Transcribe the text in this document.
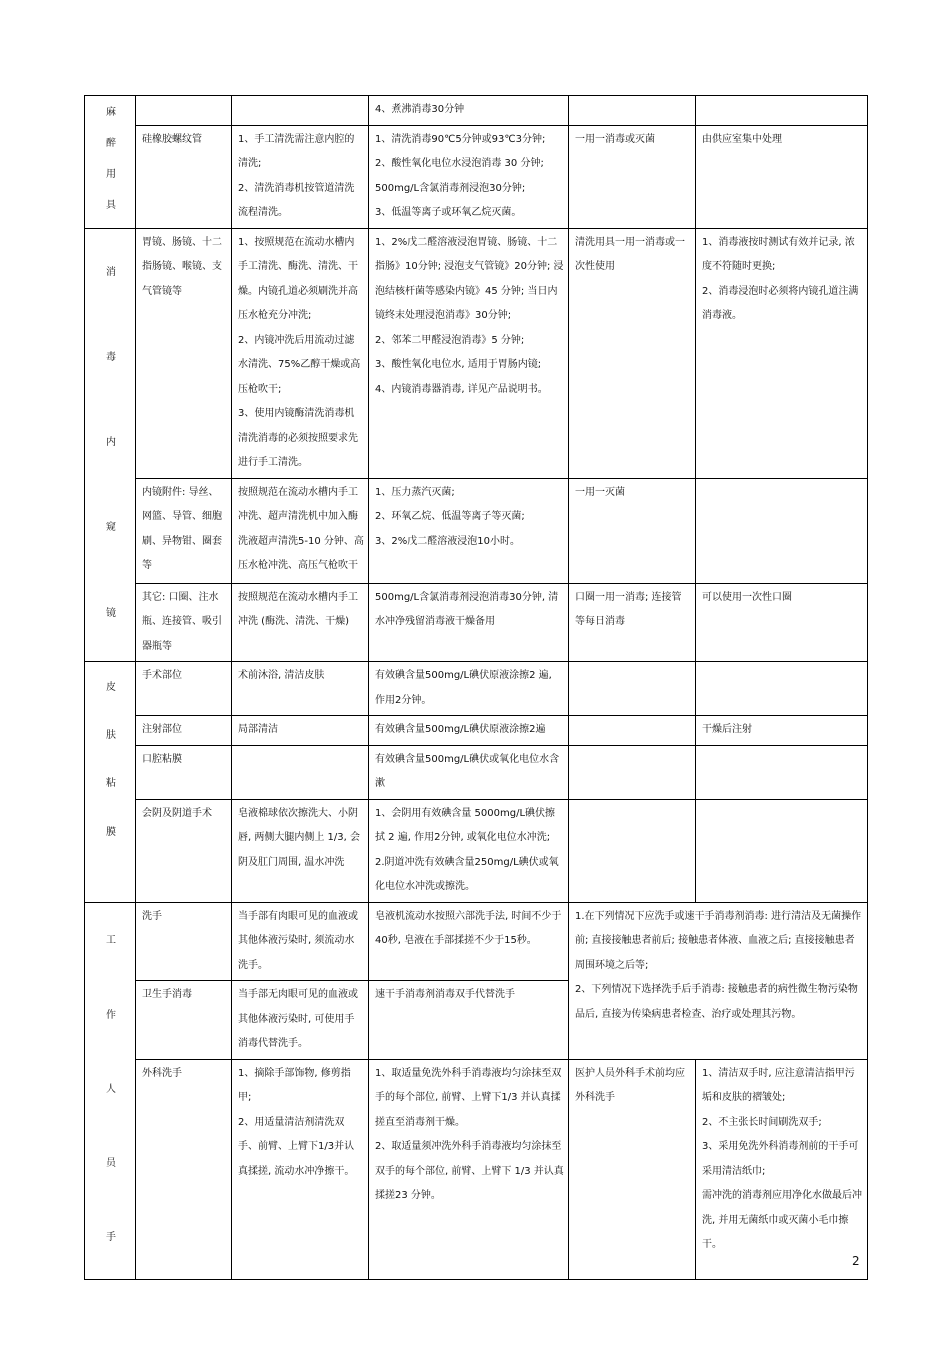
麻
醉
用
具			4、煮沸消毒30分钟		

	硅橡胶螺纹管	1、手工清洗需注意内腔的清洗;
2、清洗消毒机按管道清洗流程清洗。	1、清洗消毒90℃5分钟或93℃3分钟;
2、酸性氧化电位水浸泡消毒 30 分钟;
500mg/L含氯消毒剂浸泡30分钟;
3、低温等离子或环氧乙烷灭菌。	一用一消毒或灭菌	由供应室集中处理

消
毒
内
窥
镜	胃镜、肠镜、十二指肠镜、喉镜、支气管镜等	1、按照规范在流动水槽内手工清洗、酶洗、清洗、干燥。内镜孔道必须刷洗并高压水枪充分冲洗;
2、内镜冲洗后用流动过滤水清洗、75%乙醇干燥或高压枪吹干;
3、使用内镜酶清洗消毒机清洗消毒的必须按照要求先进行手工清洗。	1、2%戊二醛溶液浸泡胃镜、肠镜、十二指肠》10分钟; 浸泡支气管镜》20分钟; 浸泡结核杆菌等感染内镜》45 分钟; 当日内镜终末处理浸泡消毒》30分钟;
2、邻苯二甲醛浸泡消毒》5 分钟;
3、酸性氧化电位水, 适用于胃肠内镜;
4、内镜消毒器消毒, 详见产品说明书。	清洗用具一用一消毒或一次性使用	1、消毒液按时测试有效并记录, 浓度不符随时更换;
2、消毒浸泡时必须将内镜孔道注满消毒液。

	内镜附件: 导丝、网篮、导管、细胞刷、异物钳、圈套等	按照规范在流动水槽内手工冲洗、超声清洗机中加入酶洗液超声清洗5-10 分钟、高压水枪冲洗、高压气枪吹干	1、压力蒸汽灭菌;
2、环氧乙烷、低温等离子等灭菌;
3、2%戊二醛溶液浸泡10小时。	一用一灭菌	

	其它: 口圈、注水瓶、连接管、吸引器瓶等	按照规范在流动水槽内手工冲洗 (酶洗、清洗、干燥)	500mg/L含氯消毒剂浸泡消毒30分钟, 清水冲净残留消毒液干燥备用	口圈一用一消毒; 连接管等每日消毒	可以使用一次性口圈

皮
肤
粘
膜	手术部位	术前沐浴, 清洁皮肤	有效碘含量500mg/L碘伏原液涂擦2 遍, 作用2分钟。		

	注射部位	局部清洁	有效碘含量500mg/L碘伏原液涂擦2遍		干燥后注射

	口腔粘膜		有效碘含量500mg/L碘伏或氧化电位水含漱		

	会阴及阴道手术	皂液棉球依次擦洗大、小阴唇, 两侧大腿内侧上 1/3, 会阴及肛门周围, 温水冲洗	1、会阴用有效碘含量 5000mg/L碘伏擦拭 2 遍, 作用2分钟, 或氧化电位水冲洗;
2.阴道冲洗有效碘含量250mg/L碘伏或氧化电位水冲洗或擦洗。		

工
作
人
员
手	洗手	当手部有肉眼可见的血液或其他体液污染时, 须流动水洗手。	皂液机流动水按照六部洗手法, 时间不少于 40秒, 皂液在手部揉搓不少于15秒。	1.在下列情况下应洗手或速干手消毒剂消毒: 进行清洁及无菌操作前; 直接接触患者前后; 接触患者体液、血液之后; 直接接触患者周围环境之后等;
2、下列情况下选择洗手后手消毒: 接触患者的病性微生物污染物品后, 直接为传染病患者检查、治疗或处理其污物。	

	卫生手消毒	当手部无肉眼可见的血液或其他体液污染时, 可使用手消毒代替洗手。	速干手消毒剂消毒双手代替洗手		

	外科洗手	1、摘除手部饰物, 修剪指甲;
2、用适量清洁剂清洗双手、前臂、上臂下1/3并认真揉搓, 流动水冲净擦干。	1、取适量免洗外科手消毒液均匀涂抹至双手的每个部位, 前臂、上臂下1/3 并认真揉搓直至消毒剂干燥。
2、取适量须冲洗外科手消毒液均匀涂抹至双手的每个部位, 前臂、上臂下 1/3 并认真揉搓23 分钟。	医护人员外科手术前均应外科洗手	1、清洁双手时, 应注意清洁指甲污垢和皮肤的褶皱处;
2、不主张长时间刷洗双手;
3、采用免洗外科消毒剂前的干手可采用清洁纸巾;
需冲洗的消毒剂应用净化水做最后冲洗, 并用无菌纸巾或灭菌小毛巾擦干。
2
